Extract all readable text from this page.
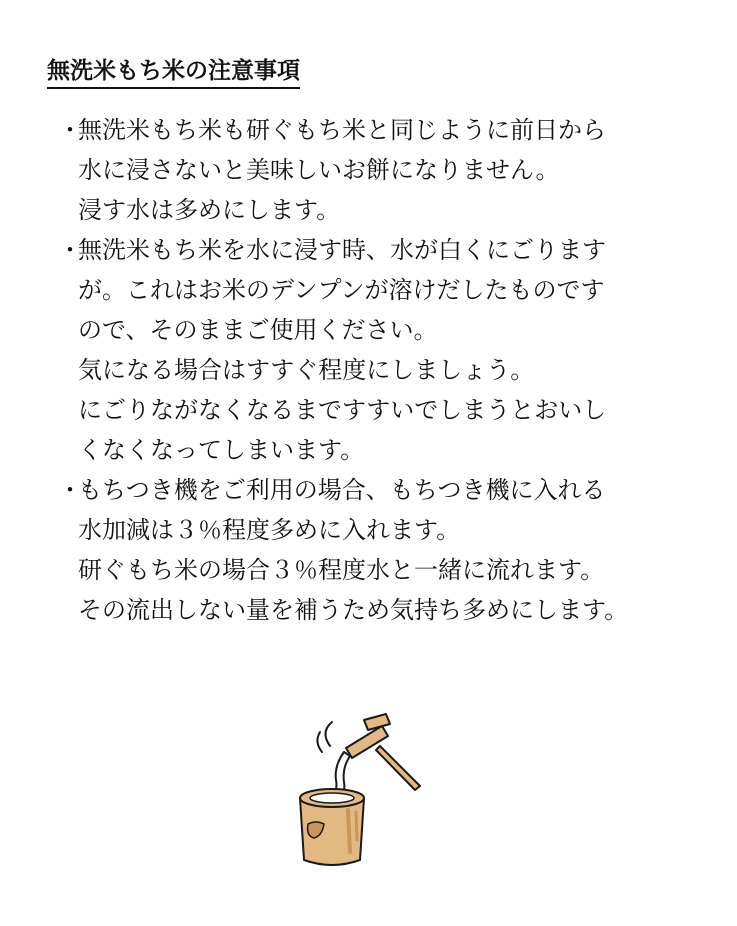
無洗米もち米の注意事項
・
無洗米もち米も研ぐもち米と同じように前日から
水に浸さないと美味しいお餅になりません。
浸す水は多めにします。
・
無洗米もち米を水に浸す時、水が白くにごります
が。これはお米のデンプンが溶けだしたものです
ので、そのままご使用ください。
気になる場合はすすぐ程度にしましょう。
にごりながなくなるまですすいでしまうとおいし
くなくなってしまいます。
・
もちつき機をご利用の場合、もちつき機に入れる
水加減は３％程度多めに入れます。
研ぐもち米の場合３％程度水と一緒に流れます。
その流出しない量を補うため気持ち多めにします。
